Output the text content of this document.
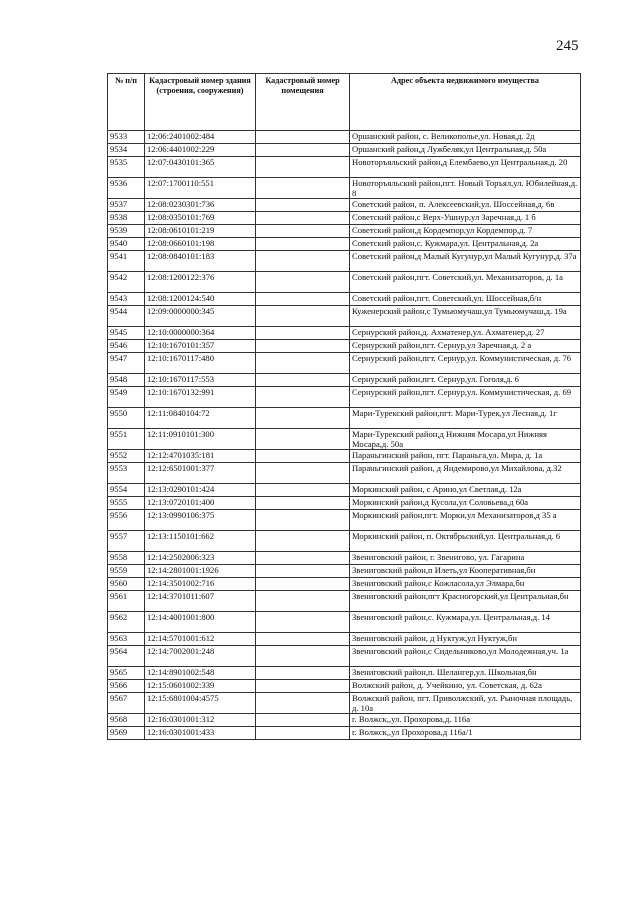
245
№ п/п	Кадастровый номер здания (строения, сооружения)	Кадастровый номер помещения	Адрес объекта недвижимого имущества
9533	12:06:2401002:484		Оршанский район, с. Великополье,ул. Новая,д. 2д
9534	12:06:4401002:229		Оршанский район,д Лужбеляк,ул Центральная,д. 50а
9535	12:07:0430101:365		Новоторъяльский район,д Елембаево,ул Центральная,д. 20
9536	12:07:1700110:551		Новоторъяльский район,пгт. Новый Торъял,ул. Юбилейная,д. 8
9537	12:08:0230301:736		Советский район, п. Алексеевский,ул. Шоссейная,д. 6в
9538	12:08:0350101:769		Советский район,с Верх-Ушнур,ул Заречная,д. 1 б
9539	12:08:0610101:219		Советский район,д Кордемпор,ул Кордемпор,д. 7
9540	12:08:0660101:198		Советский район,с. Кужмара,ул. Центральная,д. 2а
9541	12:08:0840101:183		Советский район,д Малый Кугунур,ул Малый Кугунур,д. 37а
9542	12:08:1200122:376		Советский район,пгт. Советский,ул. Механизаторов, д. 1а
9543	12:08:1200124:540		Советский район,пгт. Советский,ул. Шоссейная,б/н
9544	12:09:0000000:345		Куженерский район,с Тумьюмучаш,ул Тумьюмучаш,д. 19а
9545	12:10:0000000:364		Сернурский район,д. Ахматенер,ул. Ахматенер,д. 27
9546	12:10:1670101:357		Сернурский район,пгт. Сернур,ул Заречная,д. 2 а
9547	12:10:1670117:480		Сернурский район,пгт. Сернур,ул. Коммунистическая, д. 76
9548	12:10:1670117:553		Сернурский район,пгт. Сернур,ул. Гоголя,д. 6
9549	12:10:1670132:991		Сернурский район,пгт. Сернур,ул. Коммунистическая, д. 69
9550	12:11:0840104:72		Мари-Турекский район,пгт. Мари-Турек,ул Лесная,д. 1г
9551	12:11:0910101:300		Мари-Турекский район,д Нижняя Мосара,ул Нижняя Мосара,д. 50а
9552	12:12:4701035:181		Параньгинский район, пгт. Параньга,ул. Мира, д. 1а
9553	12:12:6501001:377		Параньгинский район, д Яндемирово,ул Михайлова, д.32
9554	12:13:0290101:424		Моркинский район, с Арино,ул Светлая,д. 12а
9555	12:13:0720101:400		Моркинский район,д Кусола,ул Соловьева,д 60а
9556	12:13:0990106:375		Моркинский район,пгт. Морки,ул Механизаторов,д 35 а
9557	12:13:1150101:662		Моркинский район, п. Октябрьский,ул. Центральная,д. 6
9558	12:14:2502006:323		Звениговский район, г. Звенигово, ул. Гагарина
9559	12:14:2801001:1926		Звениговский район,п Илеть,ул Кооперативная,бн
9560	12:14:3501002:716		Звениговский район,с Кожласола,ул Элмара,бн
9561	12:14:3701011:607		Звениговский район,пгт Красногорский,ул Центральная,бн
9562	12:14:4001001:800		Звениговский район,с. Кужмара,ул. Центральная,д. 14
9563	12:14:5701001:612		Звениговский район, д Нуктуж,ул Нуктуж,бн
9564	12:14:7002001:248		Звениговский район,с Сидельниково,ул Молодежная,уч. 1а
9565	12:14:8901002:548		Звениговский район,п. Шелангер,ул. Школьная,бн
9566	12:15:0601002:339		Волжский район, д. Учейкино, ул. Советская, д. 62а
9567	12:15:6801004:4575		Волжский район, пгт. Приволжский, ул. Рыночная площадь, д. 10а
9568	12:16:0301001:312		г. Волжск,,ул. Прохорова,д. 116а
9569	12:16:0301001:433		г. Волжск,,ул Прохорова,д 116а/1
